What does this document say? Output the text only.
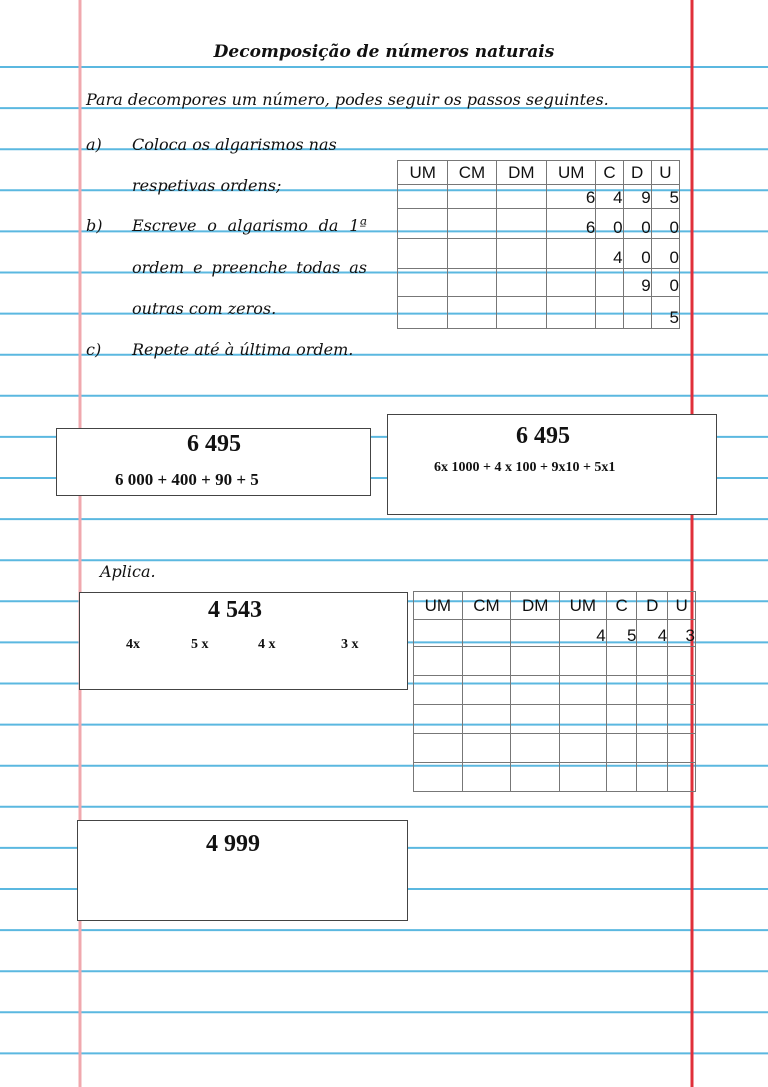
Decomposição de números naturais
Para decompores um número, podes seguir os passos seguintes.
a) Coloca os algarismos nas
respetivas ordens;
b) Escreve o algarismo da 1ª
ordem e preenche todas as
outras com zeros.
c) Repete até à última ordem.
UM	CM	DM	UM	C	D	U
			6	4	9	5
			6	0	0	0
				4	0	0
					9	0
						5
6 495
6 000 + 400 + 90 + 5
6 495
6x 1000 + 4 x 100 + 9x10 + 5x1
Aplica.
4 543
4x	5 x	4 x	3 x
UM	CM	DM	UM	C	D	U
			4	5	4	3

4 999
